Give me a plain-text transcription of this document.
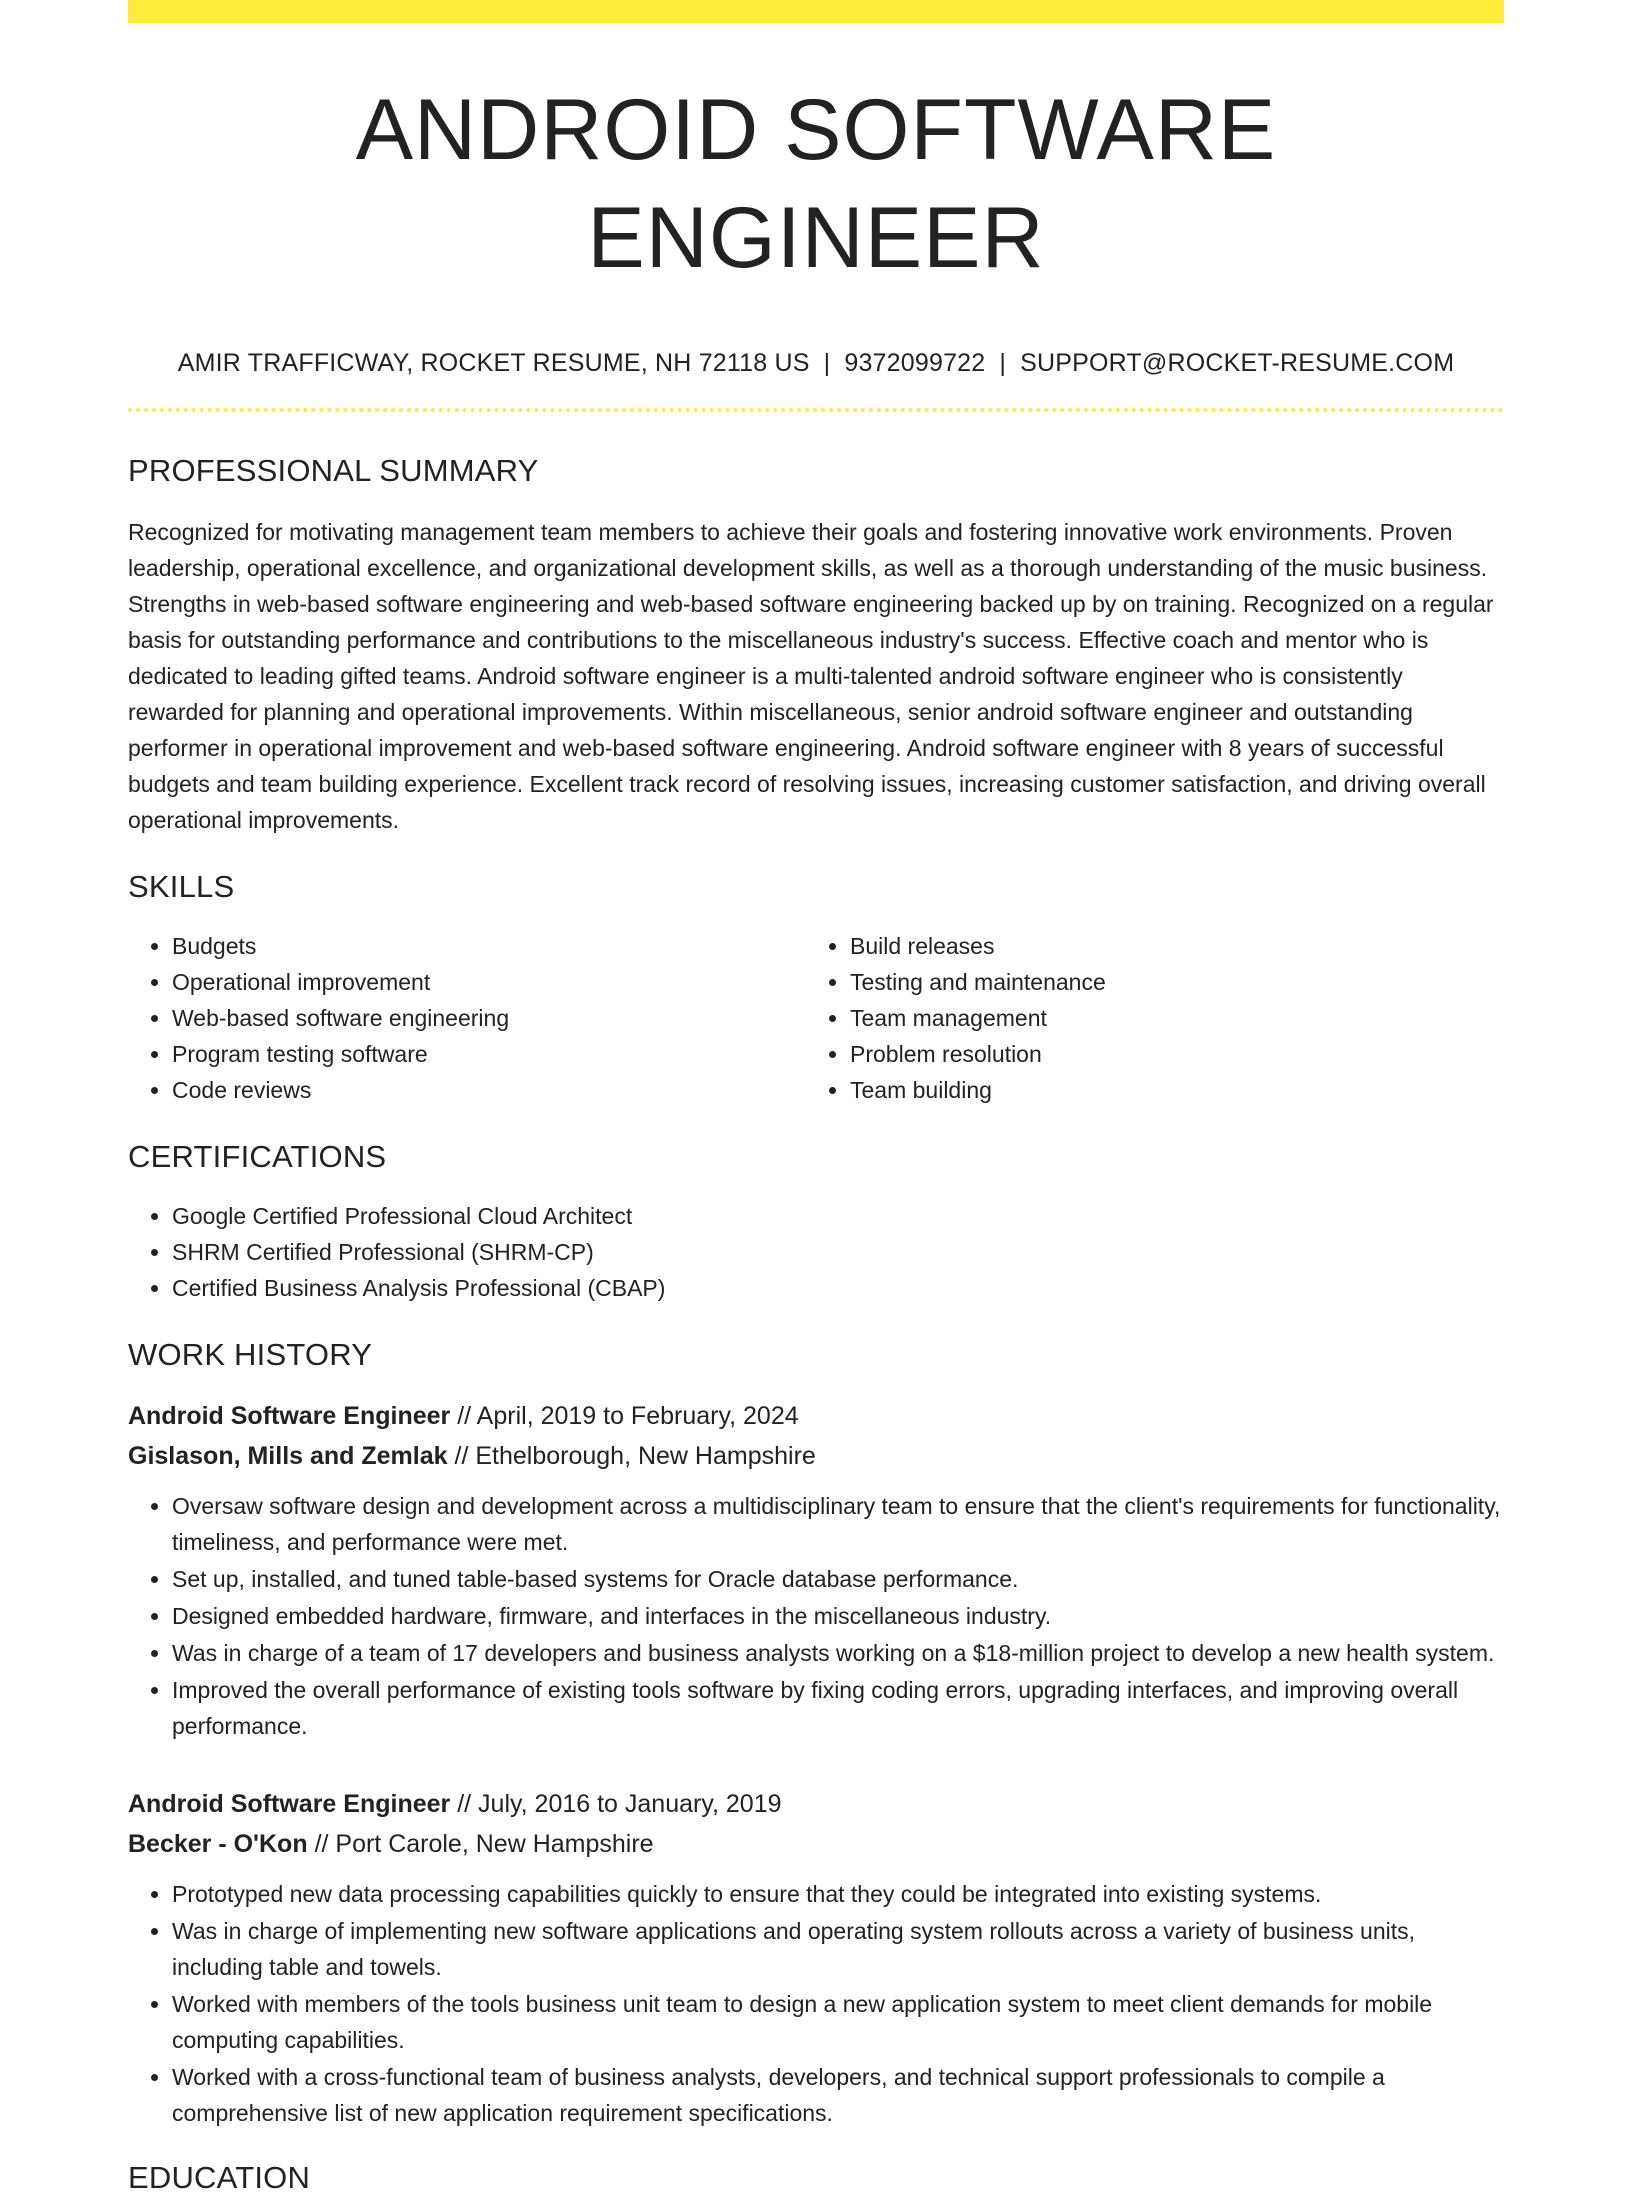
ANDROID SOFTWARE ENGINEER
AMIR TRAFFICWAY, ROCKET RESUME, NH 72118 US | 9372099722 | SUPPORT@ROCKET-RESUME.COM
PROFESSIONAL SUMMARY
Recognized for motivating management team members to achieve their goals and fostering innovative work environments. Proven leadership, operational excellence, and organizational development skills, as well as a thorough understanding of the music business. Strengths in web-based software engineering and web-based software engineering backed up by on training. Recognized on a regular basis for outstanding performance and contributions to the miscellaneous industry's success. Effective coach and mentor who is dedicated to leading gifted teams. Android software engineer is a multi-talented android software engineer who is consistently rewarded for planning and operational improvements. Within miscellaneous, senior android software engineer and outstanding performer in operational improvement and web-based software engineering. Android software engineer with 8 years of successful budgets and team building experience. Excellent track record of resolving issues, increasing customer satisfaction, and driving overall operational improvements.
SKILLS
• Budgets
• Operational improvement
• Web-based software engineering
• Program testing software
• Code reviews
• Build releases
• Testing and maintenance
• Team management
• Problem resolution
• Team building
CERTIFICATIONS
• Google Certified Professional Cloud Architect
• SHRM Certified Professional (SHRM-CP)
• Certified Business Analysis Professional (CBAP)
WORK HISTORY
Android Software Engineer // April, 2019 to February, 2024
Gislason, Mills and Zemlak // Ethelborough, New Hampshire
• Oversaw software design and development across a multidisciplinary team to ensure that the client's requirements for functionality, timeliness, and performance were met.
• Set up, installed, and tuned table-based systems for Oracle database performance.
• Designed embedded hardware, firmware, and interfaces in the miscellaneous industry.
• Was in charge of a team of 17 developers and business analysts working on a $18-million project to develop a new health system.
• Improved the overall performance of existing tools software by fixing coding errors, upgrading interfaces, and improving overall performance.
Android Software Engineer // July, 2016 to January, 2019
Becker - O'Kon // Port Carole, New Hampshire
• Prototyped new data processing capabilities quickly to ensure that they could be integrated into existing systems.
• Was in charge of implementing new software applications and operating system rollouts across a variety of business units, including table and towels.
• Worked with members of the tools business unit team to design a new application system to meet client demands for mobile computing capabilities.
• Worked with a cross-functional team of business analysts, developers, and technical support professionals to compile a comprehensive list of new application requirement specifications.
EDUCATION
